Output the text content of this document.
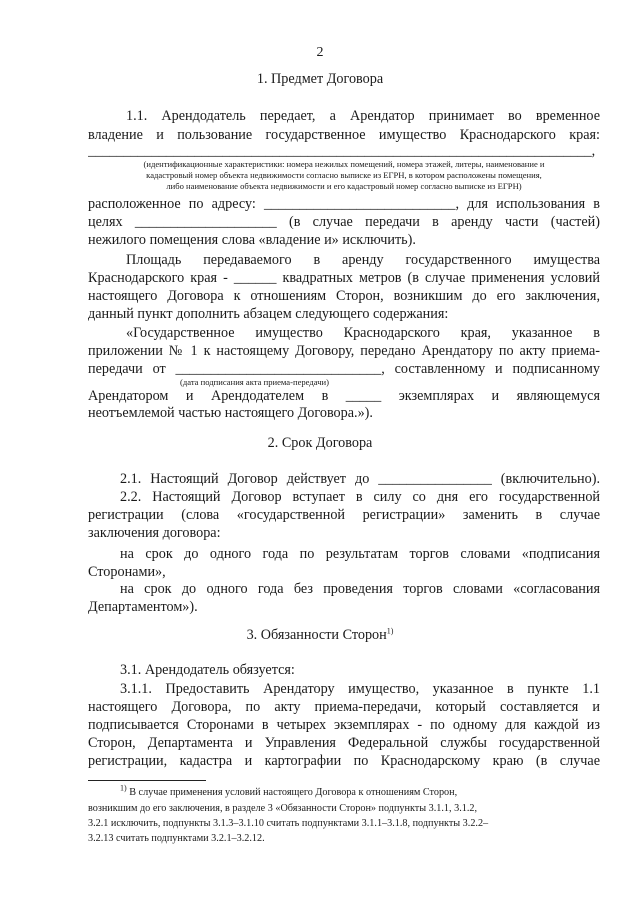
2
1. Предмет Договора
1.1. Арендодатель передает, а Арендатор принимает во временное
владение и пользование государственное имущество Краснодарского края:
_______________________________________________________________________,
(идентификационные характеристики: номера нежилых помещений, номера этажей, литеры, наименование и
кадастровый номер объекта недвижимости согласно выписке из ЕГРН, в котором расположены помещения,
либо наименование объекта недвижимости и его кадастровый номер согласно выписке из ЕГРН)
расположенное по адресу: ___________________________, для использования в
целях ____________________ (в случае передачи в аренду части (частей)
нежилого помещения слова «владение и» исключить).
Площадь передаваемого в аренду государственного имущества
Краснодарского края - ______ квадратных метров (в случае применения условий
настоящего Договора к отношениям Сторон, возникшим до его заключения,
данный пункт дополнить абзацем следующего содержания:
«Государственное имущество Краснодарского края, указанное в
приложении № 1 к настоящему Договору, передано Арендатору по акту приема-
передачи от _____________________________, составленному и подписанному
(дата подписания акта приема-передачи)
Арендатором и Арендодателем в _____ экземплярах и являющемуся
неотъемлемой частью настоящего Договора.»).
2. Срок Договора
2.1. Настоящий Договор действует до ________________ (включительно).
2.2. Настоящий Договор вступает в силу со дня его государственной
регистрации (слова «государственной регистрации» заменить в случае
заключения договора:
на срок до одного года по результатам торгов словами «подписания
Сторонами»,
на срок до одного года без проведения торгов словами «согласования
Департаментом»).
3. Обязанности Сторон$^{1)}$
3.1. Арендодатель обязуется:
3.1.1. Предоставить Арендатору имущество, указанное в пункте 1.1
настоящего Договора, по акту приема-передачи, который составляется и
подписывается Сторонами в четырех экземплярах - по одному для каждой из
Сторон, Департамента и Управления Федеральной службы государственной
регистрации, кадастра и картографии по Краснодарскому краю (в случае
$^{1)}$ В случае применения условий настоящего Договора к отношениям Сторон,
возникшим до его заключения, в разделе 3 «Обязанности Сторон» подпункты 3.1.1, 3.1.2,
3.2.1 исключить, подпункты 3.1.3–3.1.10 считать подпунктами 3.1.1–3.1.8, подпункты 3.2.2–
3.2.13 считать подпунктами 3.2.1–3.2.12.
